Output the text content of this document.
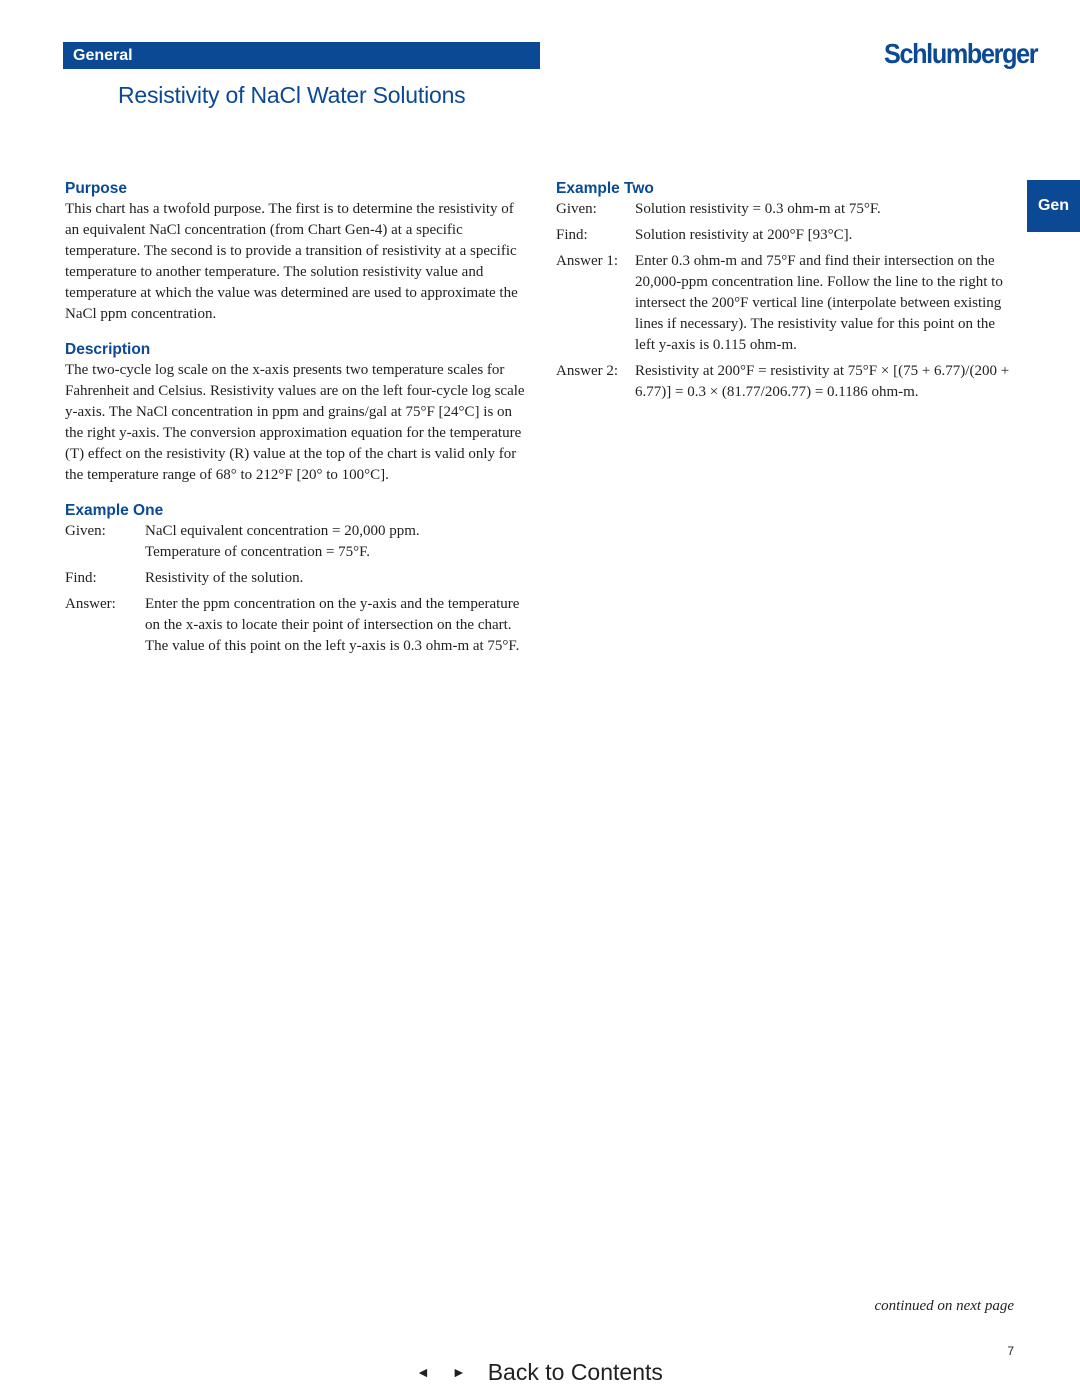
General	Schlumberger
Resistivity of NaCl Water Solutions
Gen
Purpose

This chart has a twofold purpose. The first is to determine the resistivity of an equivalent NaCl concentration (from Chart Gen-4) at a specific temperature. The second is to provide a transition of resistivity at a specific temperature to another temperature. The solution resistivity value and temperature at which the value was determined are used to approximate the NaCl ppm concentration.

Description

The two-cycle log scale on the x-axis presents two temperature scales for Fahrenheit and Celsius. Resistivity values are on the left four-cycle log scale y-axis. The NaCl concentration in ppm and grains/gal at 75°F [24°C] is on the right y-axis. The conversion approximation equation for the temperature (T) effect on the resistivity (R) value at the top of the chart is valid only for the temperature range of 68° to 212°F [20° to 100°C].

Example One
Given:	NaCl equivalent concentration = 20,000 ppm.

Temperature of concentration = 75°F.

Find:	Resistivity of the solution.

Answer:	Enter the ppm concentration on the y-axis and the temperature on the x-axis to locate their point of intersection on the chart. The value of this point on the left y-axis is 0.3 ohm-m at 75°F.

Example Two
Given:	Solution resistivity = 0.3 ohm-m at 75°F.

Find:	Solution resistivity at 200°F [93°C].

Answer 1:	Enter 0.3 ohm-m and 75°F and find their intersection on the 20,000-ppm concentration line. Follow the line to the right to intersect the 200°F vertical line (interpolate between existing lines if necessary). The resistivity value for this point on the left y-axis is 0.115 ohm-m.

Answer 2:	Resistivity at 200°F = resistivity at 75°F × [(75 + 6.77)/(200 + 6.77)] = 0.3 × (81.77/206.77) = 0.1186 ohm-m.

continued on next page
7
◄ ► Back to Contents
